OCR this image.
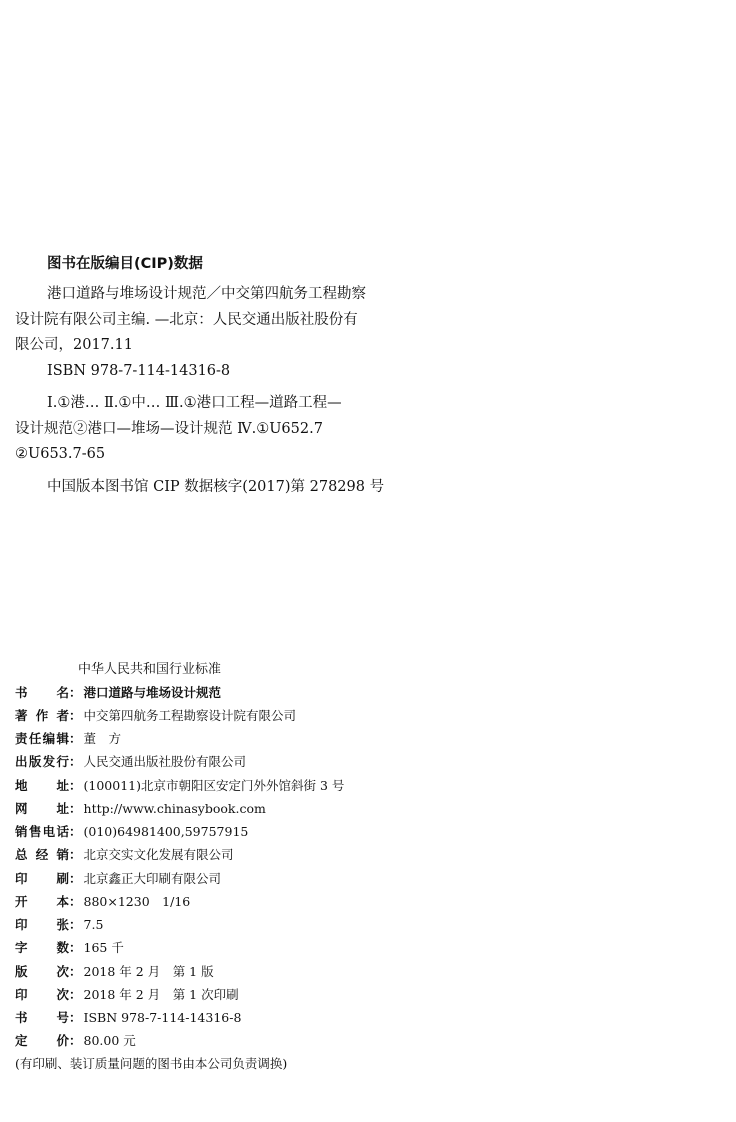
图书在版编目(CIP)数据
港口道路与堆场设计规范／中交第四航务工程勘察
设计院有限公司主编. —北京：人民交通出版社股份有
限公司，2017.11
ISBN 978-7-114-14316-8
Ⅰ.①港… Ⅱ.①中… Ⅲ.①港口工程—道路工程—
设计规范②港口—堆场—设计规范 Ⅳ.①U652.7
②U653.7-65
中国版本图书馆 CIP 数据核字(2017)第 278298 号
中华人民共和国行业标准
书名 ： 港口道路与堆场设计规范
著作者 ： 中交第四航务工程勘察设计院有限公司
责任编辑 ： 董　方
出版发行 ： 人民交通出版社股份有限公司
地址 ： (100011)北京市朝阳区安定门外外馆斜街 3 号
网址 ： http://www.chinasybook.com
销售电话 ： (010)64981400,59757915
总经销 ： 北京交实文化发展有限公司
印刷 ： 北京鑫正大印刷有限公司
开本 ： 880×1230　1/16
印张 ： 7.5
字数 ： 165 千
版次 ： 2018 年 2 月　第 1 版
印次 ： 2018 年 2 月　第 1 次印刷
书号 ： ISBN 978-7-114-14316-8
定价 ： 80.00 元
(有印刷、装订质量问题的图书由本公司负责调换)
